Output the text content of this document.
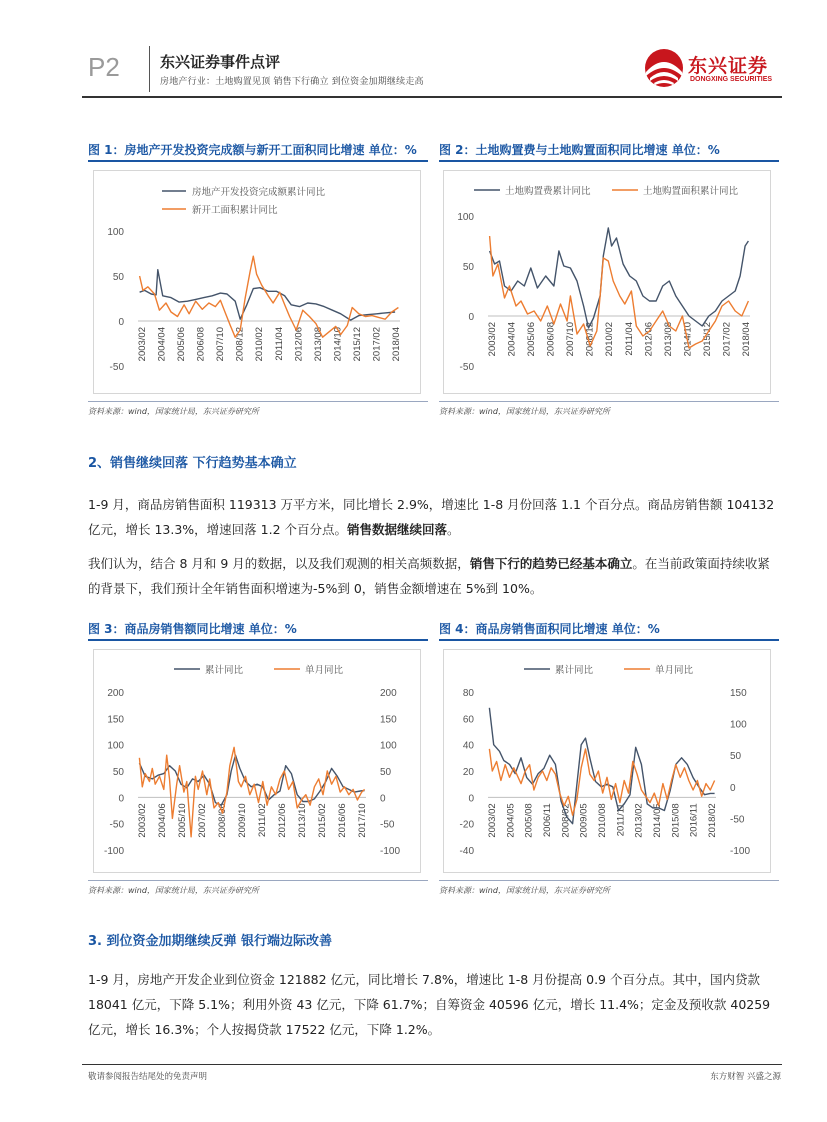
P2	东兴证券事件点评
房地产行业：土地购置见顶 销售下行确立 到位资金加期继续走高
东兴证券
DONGXING SECURITIES
图 1：房地产开发投资完成额与新开工面积同比增速 单位：%
100
50
0
-50
2003/02 2004/04 2005/06 2006/08 2007/10 2008/12 2010/02 2011/04 2012/06 2013/08 2014/10 2015/12 2017/02 2018/04
房地产开发投资完成额累计同比
新开工面积累计同比
资料来源：wind，国家统计局，东兴证券研究所
图 2：土地购置费与土地购置面积同比增速 单位：%
100
50
0
-50
2003/02 2004/04 2005/06 2006/08 2007/10 2008/12 2010/02 2011/04 2012/06 2013/08 2014/10 2015/12 2017/02 2018/04
土地购置费累计同比	土地购置面积累计同比
资料来源：wind，国家统计局，东兴证券研究所
2、销售继续回落 下行趋势基本确立
1-9 月，商品房销售面积 119313 万平方米，同比增长 2.9%，增速比 1-8 月份回落 1.1 个百分点。商品房销售额 104132 亿元，增长 13.3%，增速回落 1.2 个百分点。销售数据继续回落。
我们认为，结合 8 月和 9 月的数据，以及我们观测的相关高频数据，销售下行的趋势已经基本确立。在当前政策面持续收紧的背景下，我们预计全年销售面积增速为-5%到 0，销售金额增速在 5%到 10%。
图 3：商品房销售额同比增速 单位：%
200
150
100
50
0
-50
-100
200
150
100
50
0
-50
-100
2003/02 2004/06 2005/10 2007/02 2008/06 2009/10 2011/02 2012/06 2013/10 2015/02 2016/06 2017/10
累计同比	单月同比
资料来源：wind，国家统计局，东兴证券研究所
图 4：商品房销售面积同比增速 单位：%
80
60
40
20
0
-20
-40
150
100
50
0
-50
-100
2003/02 2004/05 2005/08 2006/11 2008/02 2009/05 2010/08 2011/11 2013/02 2014/05 2015/08 2016/11 2018/02
累计同比	单月同比
资料来源：wind，国家统计局，东兴证券研究所
3. 到位资金加期继续反弹 银行端边际改善
1-9 月，房地产开发企业到位资金 121882 亿元，同比增长 7.8%，增速比 1-8 月份提高 0.9 个百分点。其中，国内贷款 18041 亿元，下降 5.1%；利用外资 43 亿元，下降 61.7%；自筹资金 40596 亿元，增长 11.4%；定金及预收款 40259 亿元，增长 16.3%；个人按揭贷款 17522 亿元，下降 1.2%。
敬请参阅报告结尾处的免责声明	东方财智 兴盛之源
